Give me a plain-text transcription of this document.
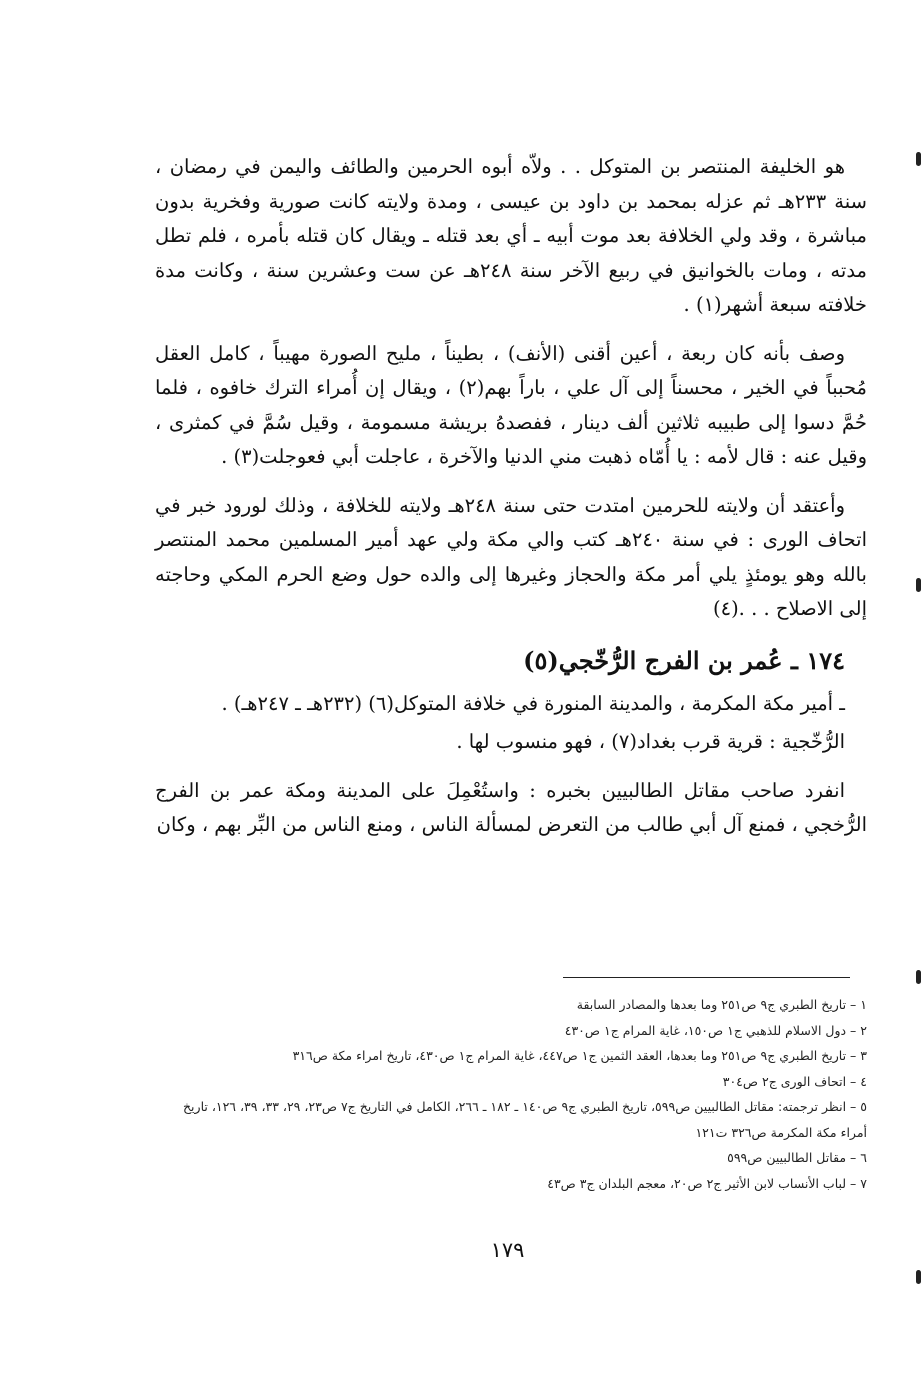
هو الخليفة المنتصر بن المتوكل . . ولاّه أبوه الحرمين والطائف واليمن في رمضان ، سنة ٢٣٣هـ ثم عزله بمحمد بن داود بن عيسى ، ومدة ولايته كانت صورية وفخرية بدون مباشرة ، وقد ولي الخلافة بعد موت أبيه ـ أي بعد قتله ـ ويقال كان قتله بأمره ، فلم تطل مدته ، ومات بالخوانيق في ربيع الآخر سنة ٢٤٨هـ عن ست وعشرين سنة ، وكانت مدة خلافته سبعة أشهر(١) .

وصف بأنه كان ربعة ، أعين أقنى (الأنف) ، بطيناً ، مليح الصورة مهيباً ، كامل العقل مُحبباً في الخير ، محسناً إلى آل علي ، باراً بهم(٢) ، ويقال إن أُمراء الترك خافوه ، فلما حُمَّ دسوا إلى طبيبه ثلاثين ألف دينار ، ففصدهُ بريشة مسمومة ، وقيل سُمَّ في كمثرى ، وقيل عنه : قال لأمه : يا أُمّاه ذهبت مني الدنيا والآخرة ، عاجلت أبي فعوجلت(٣) .

وأعتقد أن ولايته للحرمين امتدت حتى سنة ٢٤٨هـ ولايته للخلافة ، وذلك لورود خبر في اتحاف الورى : في سنة ٢٤٠هـ كتب والي مكة ولي عهد أمير المسلمين محمد المنتصر بالله وهو يومئذٍ يلي أمر مكة والحجاز وغيرها إلى والده حول وضع الحرم المكي وحاجته إلى الاصلاح . . .(٤)

١٧٤ ـ عُمر بن الفرج الرُّخّجي(٥)
ـ أمير مكة المكرمة ، والمدينة المنورة في خلافة المتوكل(٦) (٢٣٢هـ ـ ٢٤٧هـ) .
الرُّخّجية : قرية قرب بغداد(٧) ، فهو منسوب لها .

انفرد صاحب مقاتل الطالبيين بخبره : واستُعْمِلَ على المدينة ومكة عمر بن الفرج الرُّخجي ، فمنع آل أبي طالب من التعرض لمسألة الناس ، ومنع الناس من البِّر بهم ، وكان

١ – تاريخ الطبري ج٩ ص٢٥١ وما بعدها والمصادر السابقة

٢ – دول الاسلام للذهبي ج١ ص١٥٠، غاية المرام ج١ ص٤٣٠

٣ – تاريخ الطبري ج٩ ص٢٥١ وما بعدها، العقد الثمين ج١ ص٤٤٧، غاية المرام ج١ ص٤٣٠، تاريخ امراء مكة ص٣١٦

٤ – اتحاف الورى ج٢ ص٣٠٤

٥ – انظر ترجمته: مقاتل الطالبيين ص٥٩٩، تاريخ الطبري ج٩ ص١٤٠ ـ ١٨٢ ـ ٢٦٦، الكامل في التاريخ ج٧ ص٢٣، ٢٩، ٣٣، ٣٩، ١٢٦، تاريخ أمراء مكة المكرمة ص٣٢٦ ت١٢١

٦ – مقاتل الطالبيين ص٥٩٩

٧ – لباب الأنساب لابن الأثير ج٢ ص٢٠، معجم البلدان ج٣ ص٤٣

١٧٩
